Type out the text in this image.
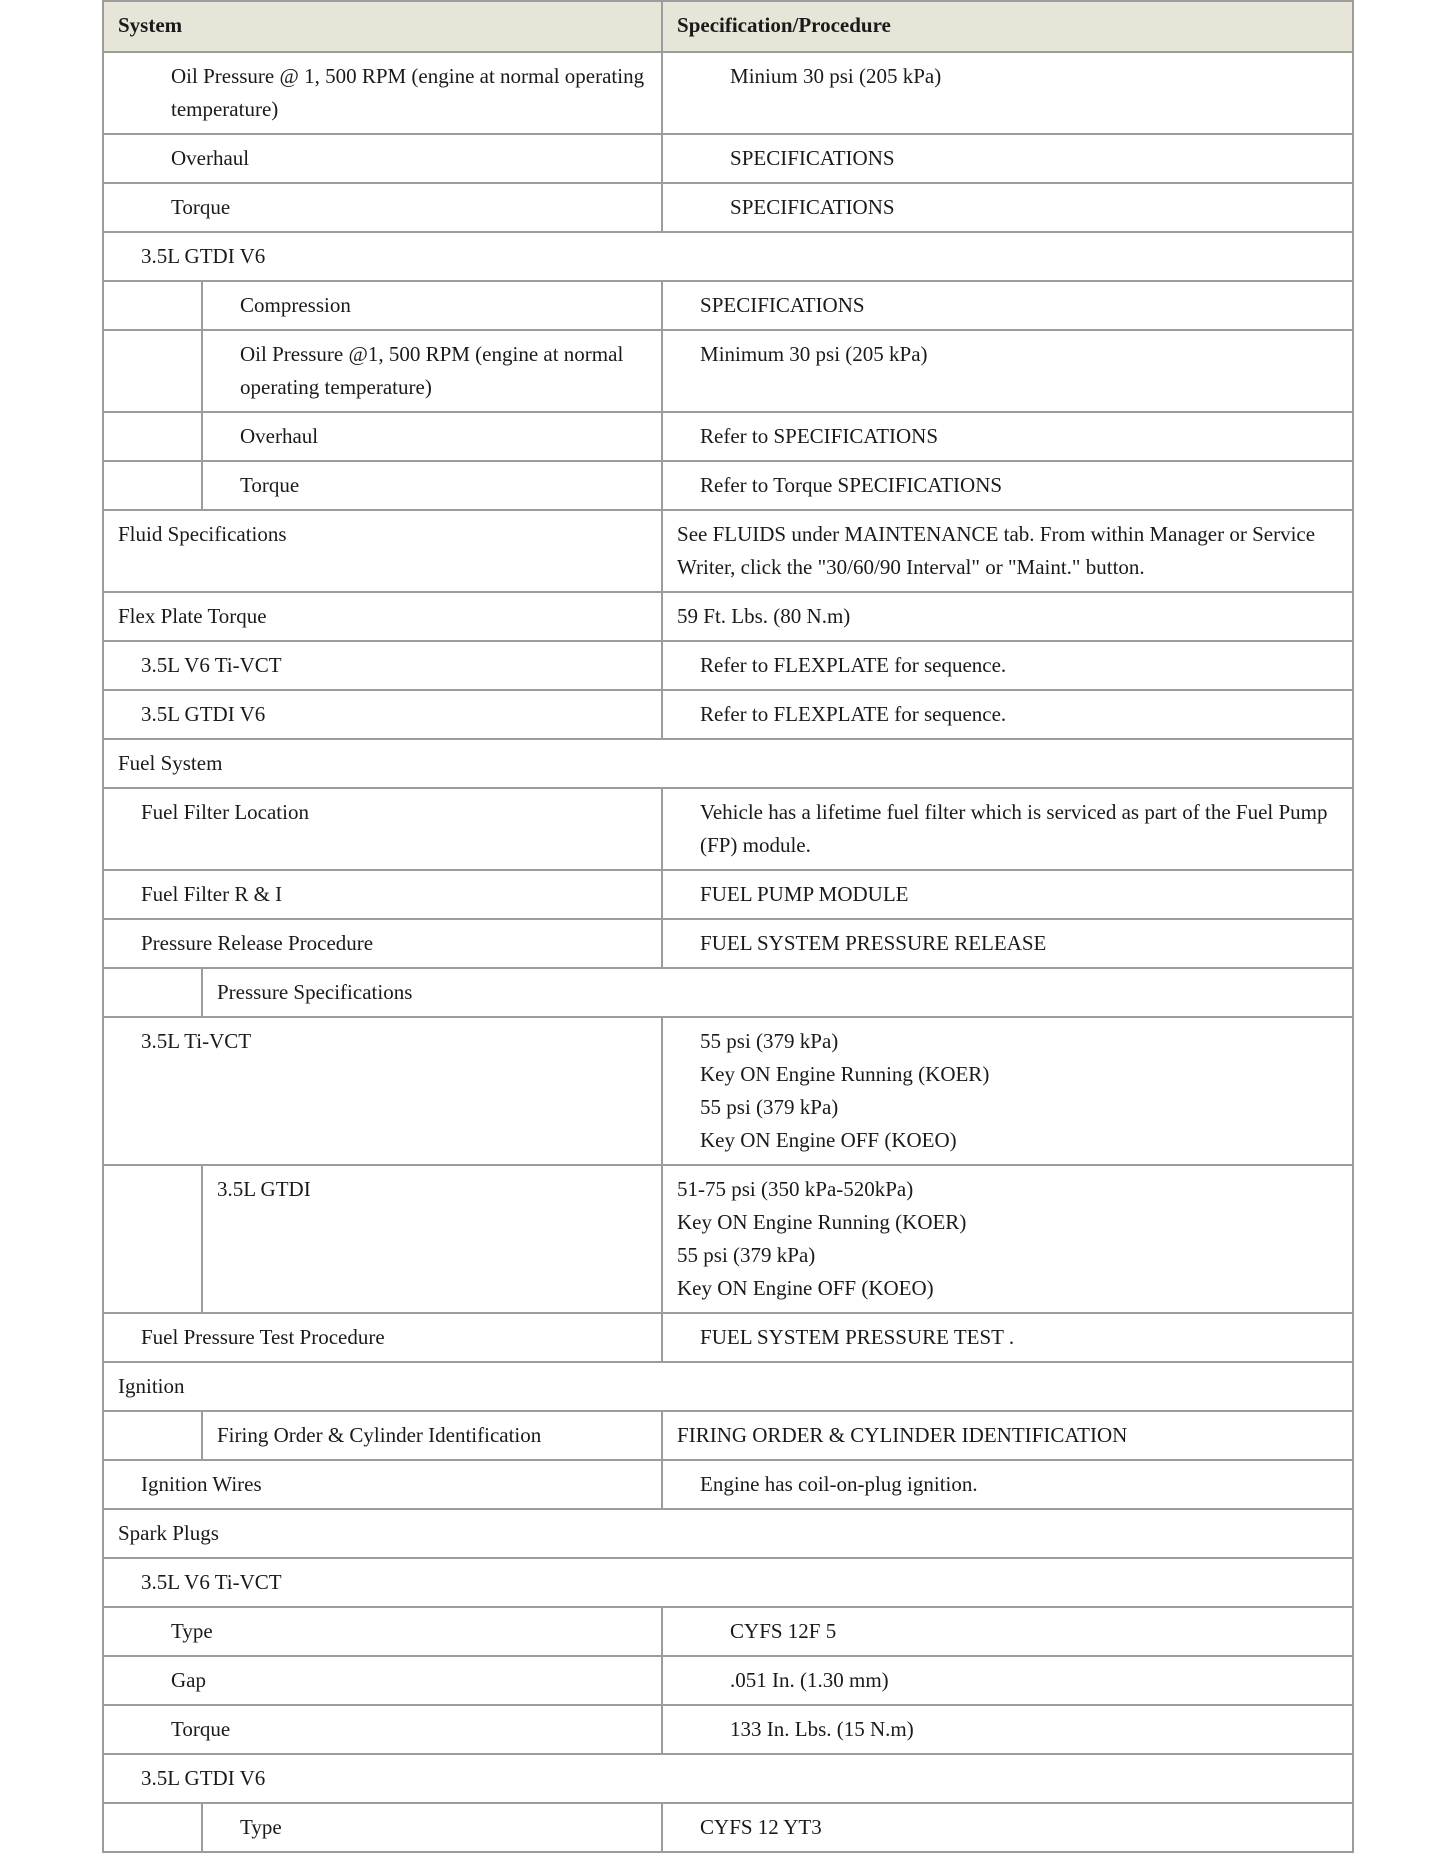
System		Specification/Procedure
Oil Pressure @ 1, 500 RPM (engine at normal operating temperature)		Minium 30 psi (205 kPa)
Overhaul		SPECIFICATIONS
Torque		SPECIFICATIONS
3.5L GTDI V6		
	Compression	SPECIFICATIONS
	Oil Pressure @1, 500 RPM (engine at normal operating temperature)	Minimum 30 psi (205 kPa)
	Overhaul	Refer to SPECIFICATIONS
	Torque	Refer to Torque SPECIFICATIONS
Fluid Specifications		See FLUIDS under MAINTENANCE tab. From within Manager or Service Writer, click the "30/60/90 Interval" or "Maint." button.
Flex Plate Torque		59 Ft. Lbs. (80 N.m)
3.5L V6 Ti-VCT		Refer to FLEXPLATE for sequence.
3.5L GTDI V6		Refer to FLEXPLATE for sequence.
Fuel System		
Fuel Filter Location		Vehicle has a lifetime fuel filter which is serviced as part of the Fuel Pump (FP) module.
Fuel Filter R & I		FUEL PUMP MODULE
Pressure Release Procedure		FUEL SYSTEM PRESSURE RELEASE
	Pressure Specifications	
3.5L Ti-VCT		55 psi (379 kPa)
Key ON Engine Running (KOER)
55 psi (379 kPa)
Key ON Engine OFF (KOEO)

	3.5L GTDI	51-75 psi (350 kPa-520kPa)
Key ON Engine Running (KOER)
55 psi (379 kPa)
Key ON Engine OFF (KOEO)

Fuel Pressure Test Procedure		FUEL SYSTEM PRESSURE TEST .
Ignition		
	Firing Order & Cylinder Identification	FIRING ORDER & CYLINDER IDENTIFICATION
Ignition Wires		Engine has coil-on-plug ignition.
Spark Plugs		
3.5L V6 Ti-VCT		
Type		CYFS 12F 5
Gap		.051 In. (1.30 mm)
Torque		133 In. Lbs. (15 N.m)
3.5L GTDI V6		
	Type	CYFS 12 YT3
